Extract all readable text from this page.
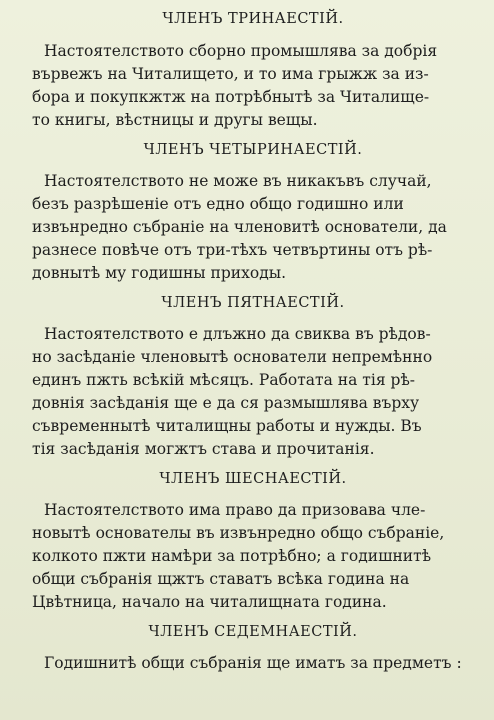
ЧЛЕНЪ ТРИНАЕСТІЙ.
Настоятелството сборно промышлява за добрія
вървежъ на Читалището, и то има грыжж за из-
бора и покупкжтж на потрѣбнытѣ за Читалище-
то книгы, вѣстницы и другы вещы.
ЧЛЕНЪ ЧЕТЫРИНАЕСТІЙ.
Настоятелството не може въ никакъвъ случай,
безъ разрѣшеніе отъ едно общо годишно или
извънредно събраніе на членовитѣ основатели, да
разнесе повѣче отъ три-тѣхъ четвъртины отъ рѣ-
довнытѣ му годишны приходы.
ЧЛЕНЪ ПЯТНАЕСТІЙ.
Настоятелството е длъжно да свиква въ рѣдов-
но засѣданіе членовытѣ основатели непремѣнно
единъ пжть всѣкій мѣсяцъ. Работата на тія рѣ-
довнія засѣданія ще е да ся размышлява върху
съвременнытѣ читалищны работы и нужды. Въ
тія засѣданія могжтъ става и прочитанія.
ЧЛЕНЪ ШЕСНАЕСТІЙ.
Настоятелството има право да призовава чле-
новытѣ основателы въ извънредно общо събраніе,
колкото пжти намѣри за потрѣбно; а годишнитѣ
общи събранія щжтъ ставатъ всѣка година на
Цвѣтница, начало на читалищната година.
ЧЛЕНЪ СЕДЕМНАЕСТІЙ.
Годишнитѣ общи събранія ще иматъ за предметъ :
